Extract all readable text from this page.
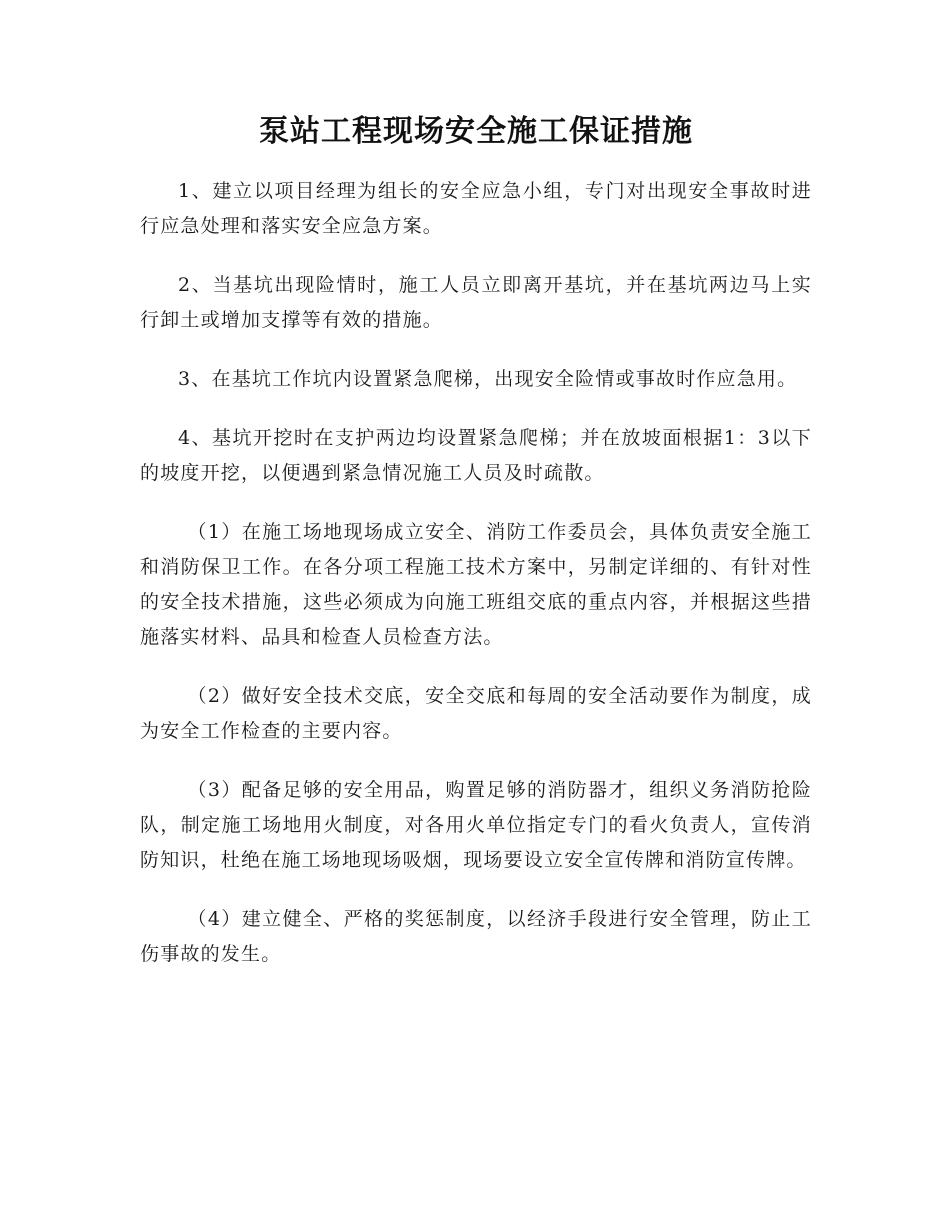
泵站工程现场安全施工保证措施

1、建立以项目经理为组长的安全应急小组，专门对出现安全事故时进行应急处理和落实安全应急方案。

2、当基坑出现险情时，施工人员立即离开基坑，并在基坑两边马上实行卸土或增加支撑等有效的措施。

3、在基坑工作坑内设置紧急爬梯，出现安全险情或事故时作应急用。

4、基坑开挖时在支护两边均设置紧急爬梯；并在放坡面根据1：3以下的坡度开挖，以便遇到紧急情况施工人员及时疏散。

（1）在施工场地现场成立安全、消防工作委员会，具体负责安全施工和消防保卫工作。在各分项工程施工技术方案中，另制定详细的、有针对性的安全技术措施，这些必须成为向施工班组交底的重点内容，并根据这些措施落实材料、品具和检查人员检查方法。

（2）做好安全技术交底，安全交底和每周的安全活动要作为制度，成为安全工作检查的主要内容。

（3）配备足够的安全用品，购置足够的消防器才，组织义务消防抢险队，制定施工场地用火制度，对各用火单位指定专门的看火负责人，宣传消防知识，杜绝在施工场地现场吸烟，现场要设立安全宣传牌和消防宣传牌。

（4）建立健全、严格的奖惩制度，以经济手段进行安全管理，防止工伤事故的发生。
